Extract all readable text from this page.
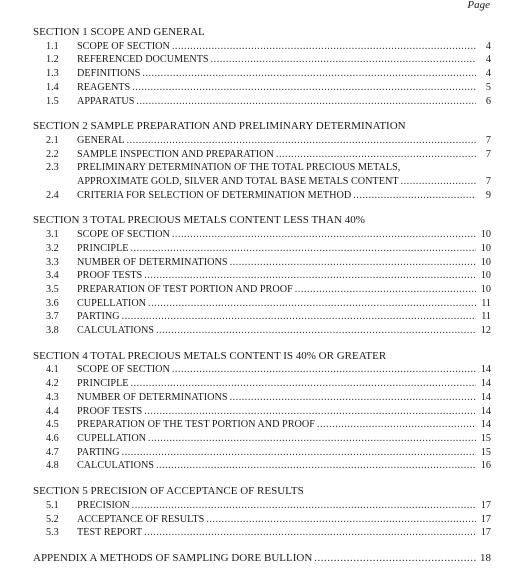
Page
SECTION 1 SCOPE AND GENERAL
1.1	SCOPE OF SECTION .....	4
1.2	REFERENCED DOCUMENTS .....	4
1.3	DEFINITIONS .....	4
1.4	REAGENTS .....	5
1.5	APPARATUS .....	6
SECTION 2 SAMPLE PREPARATION AND PRELIMINARY DETERMINATION
2.1	GENERAL .....	7
2.2	SAMPLE INSPECTION AND PREPARATION .....	7
2.3	PRELIMINARY DETERMINATION OF THE TOTAL PRECIOUS METALS,
APPROXIMATE GOLD, SILVER AND TOTAL BASE METALS CONTENT .....	7
2.4	CRITERIA FOR SELECTION OF DETERMINATION METHOD .....	9
SECTION 3 TOTAL PRECIOUS METALS CONTENT LESS THAN 40%
3.1	SCOPE OF SECTION .....	10
3.2	PRINCIPLE .....	10
3.3	NUMBER OF DETERMINATIONS .....	10
3.4	PROOF TESTS .....	10
3.5	PREPARATION OF TEST PORTION AND PROOF .....	10
3.6	CUPELLATION .....	11
3.7	PARTING .....	11
3.8	CALCULATIONS .....	12
SECTION 4 TOTAL PRECIOUS METALS CONTENT IS 40% OR GREATER
4.1	SCOPE OF SECTION .....	14
4.2	PRINCIPLE .....	14
4.3	NUMBER OF DETERMINATIONS .....	14
4.4	PROOF TESTS .....	14
4.5	PREPARATION OF THE TEST PORTION AND PROOF .....	14
4.6	CUPELLATION .....	15
4.7	PARTING .....	15
4.8	CALCULATIONS .....	16
SECTION 5 PRECISION OF ACCEPTANCE OF RESULTS
5.1	PRECISION .....	17
5.2	ACCEPTANCE OF RESULTS .....	17
5.3	TEST REPORT .....	17
APPENDIX A METHODS OF SAMPLING DORE BULLION .....	18
